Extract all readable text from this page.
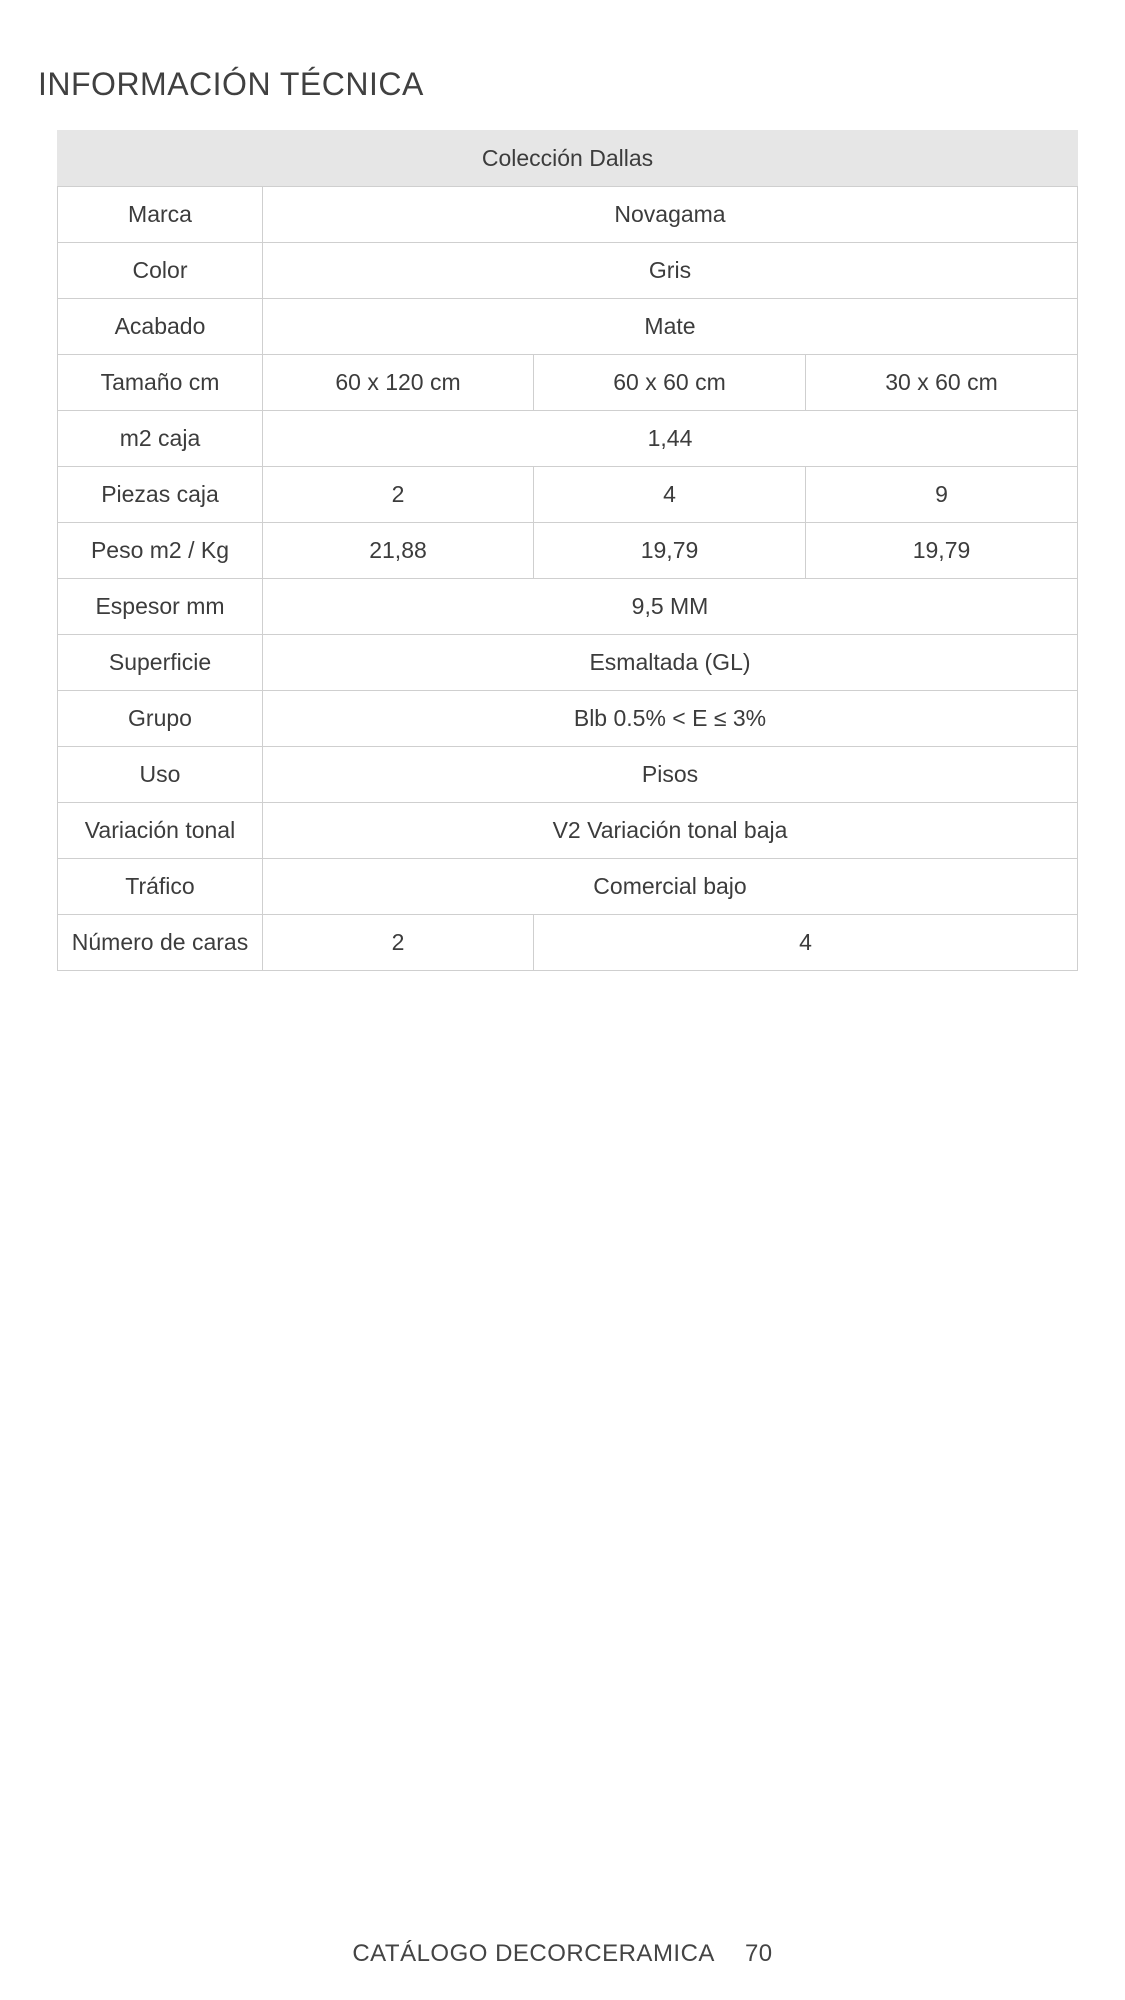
INFORMACIÓN TÉCNICA
Colección Dallas			
Marca	Novagama		
Color	Gris		
Acabado	Mate		
Tamaño cm	60 x 120 cm	60 x 60 cm	30 x 60 cm
m2 caja	1,44		
Piezas caja	2	4	9
Peso m2 / Kg	21,88	19,79	19,79
Espesor mm	9,5 MM		
Superficie	Esmaltada (GL)		
Grupo	Blb 0.5% < E ≤ 3%		
Uso	Pisos		
Variación tonal	V2 Variación tonal baja		
Tráfico	Comercial bajo		
Número de caras	2	4	
CATÁLOGO DECORCERAMICA 70
